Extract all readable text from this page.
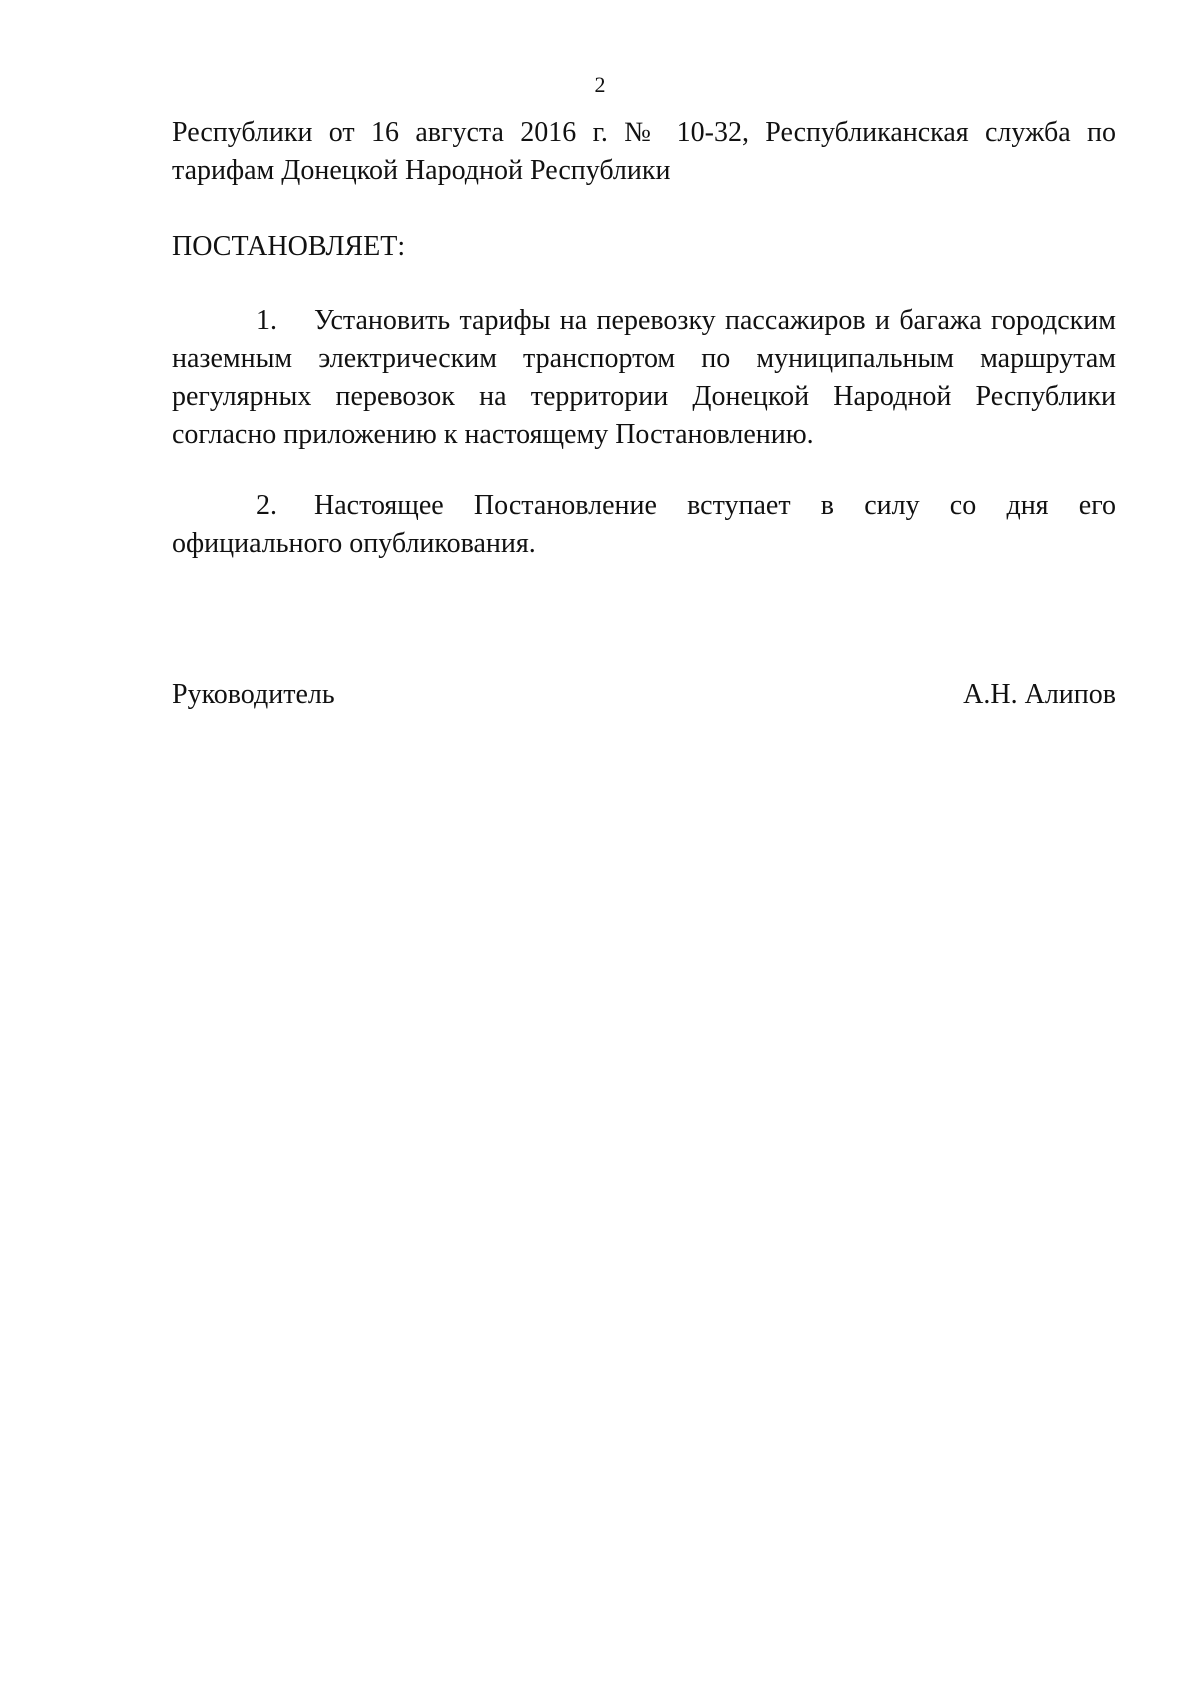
2

Республики от 16 августа 2016 г. № 10-32, Республиканская служба по тарифам Донецкой Народной Республики

ПОСТАНОВЛЯЕТ:

1. Установить тарифы на перевозку пассажиров и багажа городским наземным электрическим транспортом по муниципальным маршрутам регулярных перевозок на территории Донецкой Народной Республики согласно приложению к настоящему Постановлению.

2. Настоящее Постановление вступает в силу со дня его официального опубликования.

Руководитель	А.Н. Алипов
